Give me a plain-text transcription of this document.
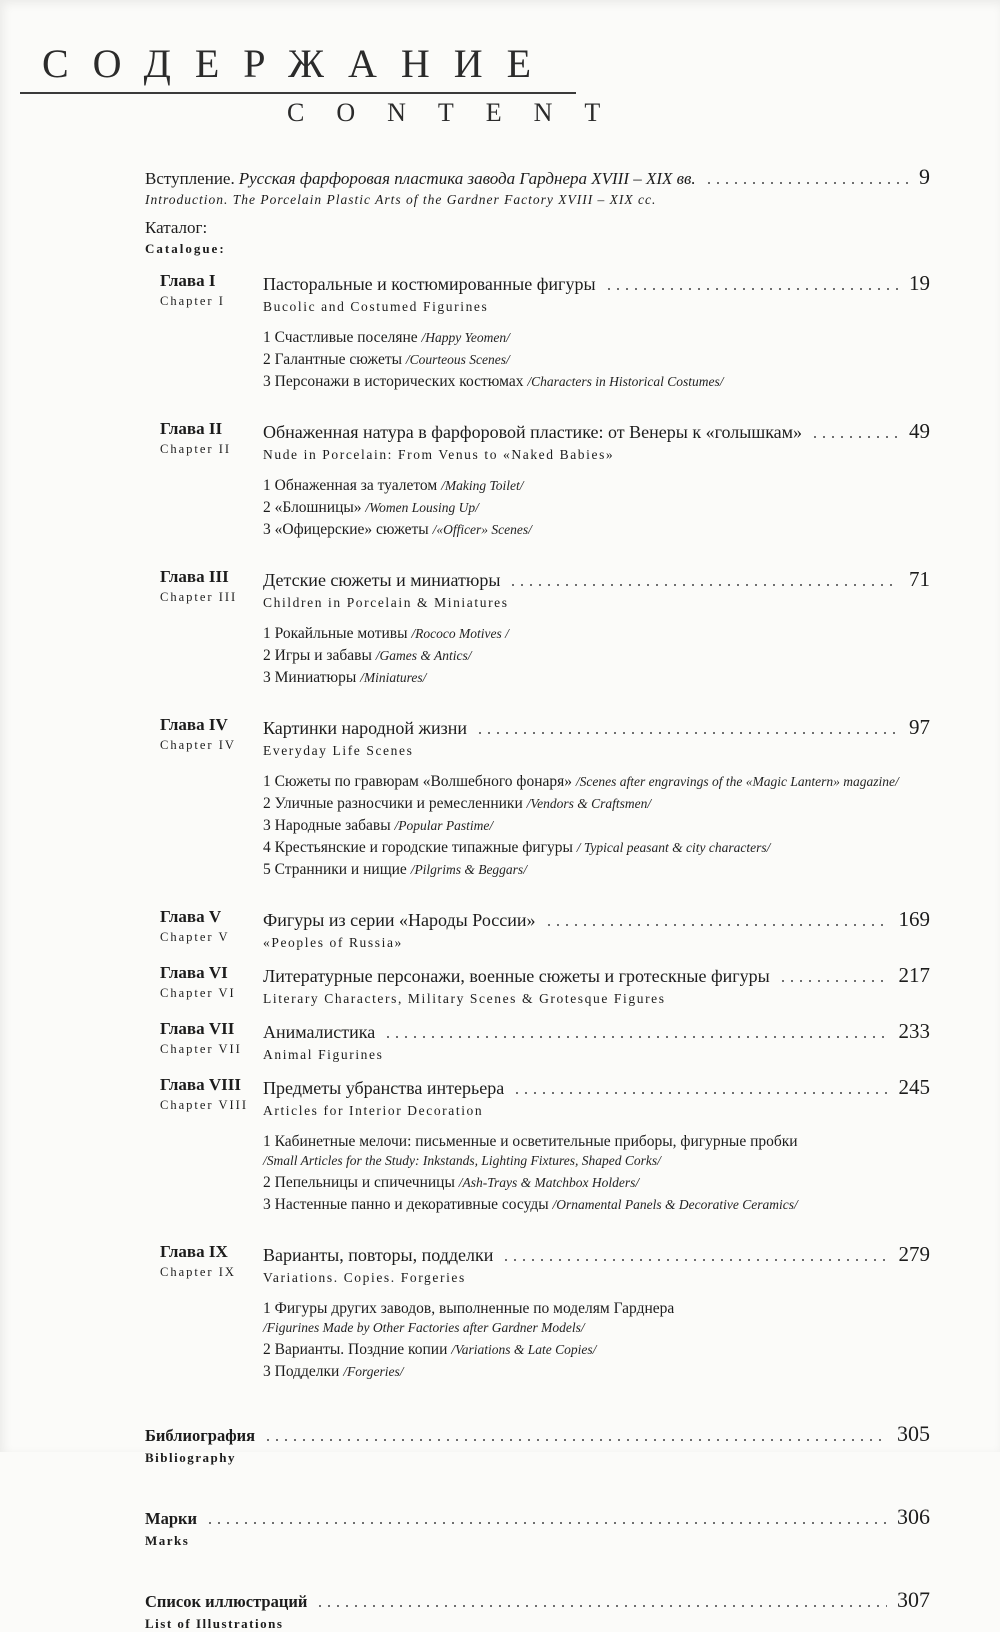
СОДЕРЖАНИЕ
CONTENT
Вступление.
Русская фарфоровая пластика завода Гарднера XVIII – XIX вв.	9
Introduction. The Porcelain Plastic Arts of the Gardner Factory XVIII – XIX cc.
Каталог:
Catalogue:
Глава I
Chapter I
Пасторальные и костюмированные фигуры	19
Bucolic and Costumed Figurines
1 Счастливые поселяне /Happy Yeomen/
2 Галантные сюжеты /Courteous Scenes/
3 Персонажи в исторических костюмах /Characters in Historical Costumes/
Глава II
Chapter II
Обнаженная натура в фарфоровой пластике: от Венеры к «голышкам»	49
Nude in Porcelain: From Venus to «Naked Babies»
1 Обнаженная за туалетом /Making Toilet/
2 «Блошницы» /Women Lousing Up/
3 «Офицерские» сюжеты /«Officer» Scenes/
Глава III
Chapter III
Детские сюжеты и миниатюры	71
Children in Porcelain & Miniatures
1 Рокайльные мотивы /Rococo Motives /
2 Игры и забавы /Games & Antics/
3 Миниатюры /Miniatures/
Глава IV
Chapter IV
Картинки народной жизни	97
Everyday Life Scenes
1 Сюжеты по гравюрам «Волшебного фонаря» /Scenes after engravings of the «Magic Lantern» magazine/
2 Уличные разносчики и ремесленники /Vendors & Craftsmen/
3 Народные забавы /Popular Pastime/
4 Крестьянские и городские типажные фигуры / Typical peasant & city characters/
5 Странники и нищие /Pilgrims & Beggars/
Глава V
Chapter V
Фигуры из серии «Народы России»	169
«Peoples of Russia»
Глава VI
Chapter VI
Литературные персонажи, военные сюжеты и гротескные фигуры	217
Literary Characters, Military Scenes & Grotesque Figures
Глава VII
Chapter VII
Анималистика	233
Animal Figurines
Глава VIII
Chapter VIII
Предметы убранства интерьера	245
Articles for Interior Decoration
1 Кабинетные мелочи: письменные и осветительные приборы, фигурные пробки
/Small Articles for the Study: Inkstands, Lighting Fixtures, Shaped Corks/
2 Пепельницы и спичечницы /Ash-Trays & Matchbox Holders/
3 Настенные панно и декоративные сосуды /Ornamental Panels & Decorative Ceramics/
Глава IX
Chapter IX
Варианты, повторы, подделки	279
Variations. Copies. Forgeries
1 Фигуры других заводов, выполненные по моделям Гарднера
/Figurines Made by Other Factories after Gardner Models/
2 Варианты. Поздние копии /Variations & Late Copies/
3 Подделки /Forgeries/
Библиография	305
Bibliography
Марки	306
Marks
Список иллюстраций	307
List of Illustrations
